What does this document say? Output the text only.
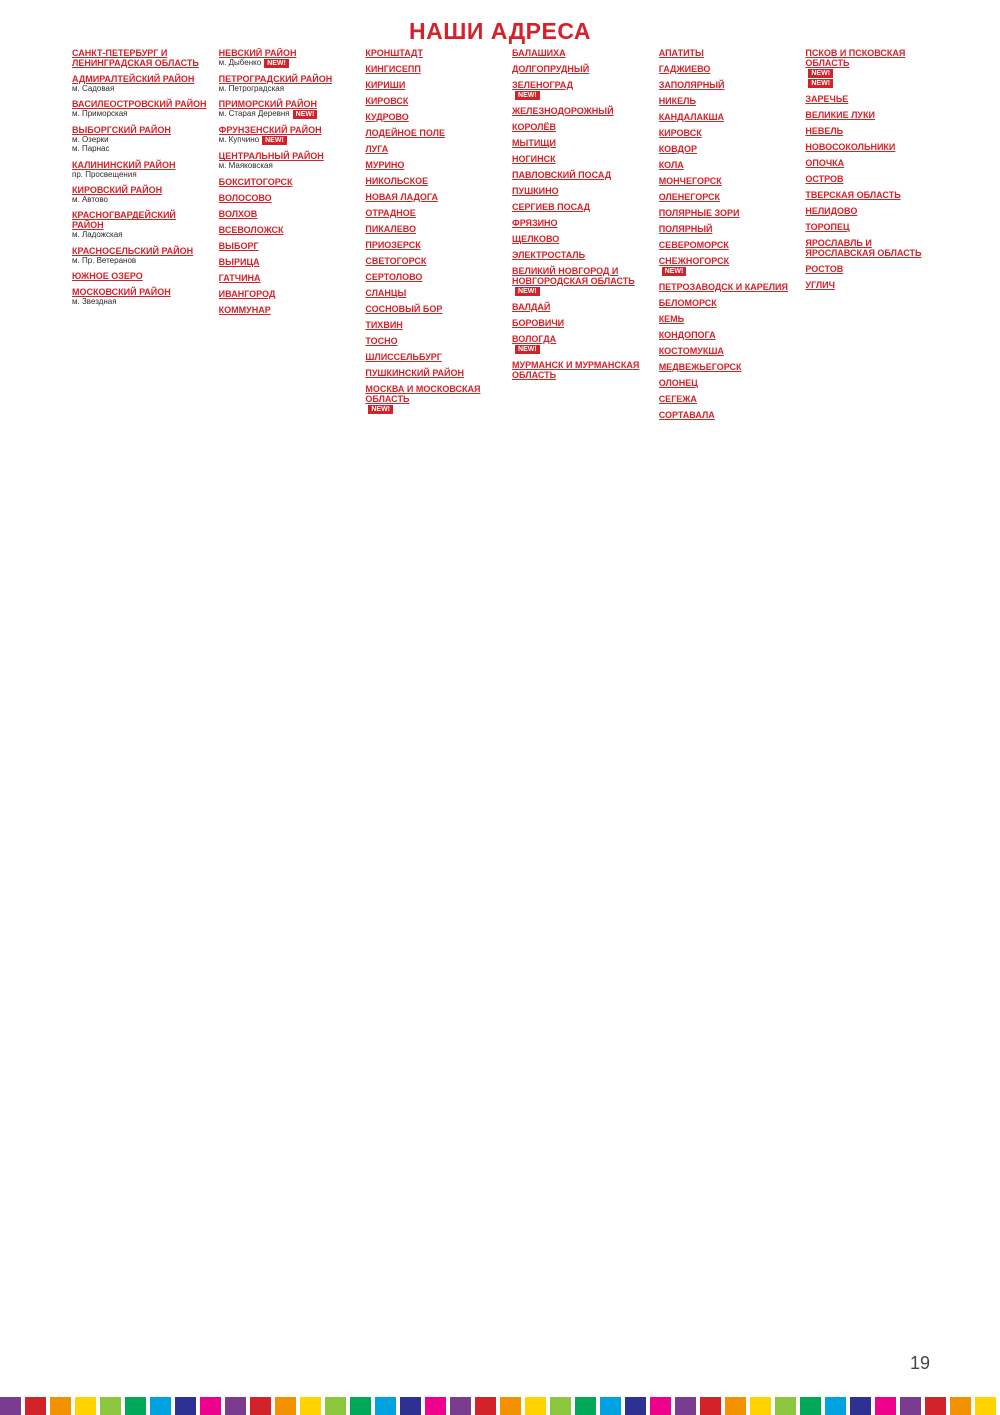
НАШИ АДРЕСА
САНКТ-ПЕТЕРБУРГ И ЛЕНИНГРАДСКАЯ ОБЛАСТЬ
АДМИРАЛТЕЙСКИЙ РАЙОН
м. Садовая
ВАСИЛЕОСТРОВСКИЙ РАЙОН
м. Приморская
ВЫБОРГСКИЙ РАЙОН
м. Озерки
м. Парнас
КАЛИНИНСКИЙ РАЙОН
пр. Просвещения
КИРОВСКИЙ РАЙОН
м. Автово
КРАСНОГВАРДЕЙСКИЙ РАЙОН
м. Ладожская
КРАСНОСЕЛЬСКИЙ РАЙОН
м. Пр. Ветеранов
ЮЖНОЕ ОЗЕРО
МОСКОВСКИЙ РАЙОН
м. Звездная
НЕВСКИЙ РАЙОН
м. Дыбенко NEW!
ПЕТРОГРАДСКИЙ РАЙОН
м. Петроградская
ПРИМОРСКИЙ РАЙОН
м. Старая Деревня NEW!
ФРУНЗЕНСКИЙ РАЙОН
м. Купчино NEW!
ЦЕНТРАЛЬНЫЙ РАЙОН
м. Маяковская
БОКСИТОГОРСК
ВОЛОСОВО
ВОЛХОВ
ВСЕВОЛОЖСК
ВЫБОРГ
ВЫРИЦА
ГАТЧИНА
ИВАНГОРОД
КОММУНАР
КРОНШТАДТ
КИНГИСЕПП
КИРИШИ
КИРОВСК
КУДРОВО
ЛОДЕЙНОЕ ПОЛЕ
ЛУГА
МУРИНО
НИКОЛЬСКОЕ
НОВАЯ ЛАДОГА
ОТРАДНОЕ
ПИКАЛЕВО
ПРИОЗЕРСК
СВЕТОГОРСК
СЕРТОЛОВО
СЛАНЦЫ
СОСНОВЫЙ БОР
ТИХВИН
ТОСНО
ШЛИССЕЛЬБУРГ
ПУШКИНСКИЙ РАЙОН
МОСКВА И МОСКОВСКАЯ ОБЛАСТЬ
NEW!
БАЛАШИХА
ДОЛГОПРУДНЫЙ
ЗЕЛЕНОГРАД
NEW!
ЖЕЛЕЗНОДОРОЖНЫЙ
КОРОЛЁВ
МЫТИЩИ
НОГИНСК
ПАВЛОВСКИЙ ПОСАД
ПУШКИНО
СЕРГИЕВ ПОСАД
ФРЯЗИНО
ЩЕЛКОВО
ЭЛЕКТРОСТАЛЬ
ВЕЛИКИЙ НОВГОРОД И НОВГОРОДСКАЯ ОБЛАСТЬ
NEW!
ВАЛДАЙ
БОРОВИЧИ
ВОЛОГДА
NEW!
МУРМАНСК И МУРМАНСКАЯ ОБЛАСТЬ
АПАТИТЫ
ГАДЖИЕВО
ЗАПОЛЯРНЫЙ
НИКЕЛЬ
КАНДАЛАКША
КИРОВСК
КОВДОР
КОЛА
МОНЧЕГОРСК
ОЛЕНЕГОРСК
ПОЛЯРНЫЕ ЗОРИ
ПОЛЯРНЫЙ
СЕВЕРОМОРСК
СНЕЖНОГОРСК
NEW!
ПЕТРОЗАВОДСК И КАРЕЛИЯ
БЕЛОМОРСК
КЕМЬ
КОНДОПОГА
КОСТОМУКША
МЕДВЕЖЬЕГОРСК
ОЛОНЕЦ
СЕГЕЖА
СОРТАВАЛА
ПСКОВ И ПСКОВСКАЯ ОБЛАСТЬ
NEW!
NEW!
ЗАРЕЧЬЕ
ВЕЛИКИЕ ЛУКИ
НЕВЕЛЬ
НОВОСОКОЛЬНИКИ
ОПОЧКА
ОСТРОВ
ТВЕРСКАЯ ОБЛАСТЬ
НЕЛИДОВО
ТОРОПЕЦ
ЯРОСЛАВЛЬ И ЯРОСЛАВСКАЯ ОБЛАСТЬ
РОСТОВ
УГЛИЧ
19
